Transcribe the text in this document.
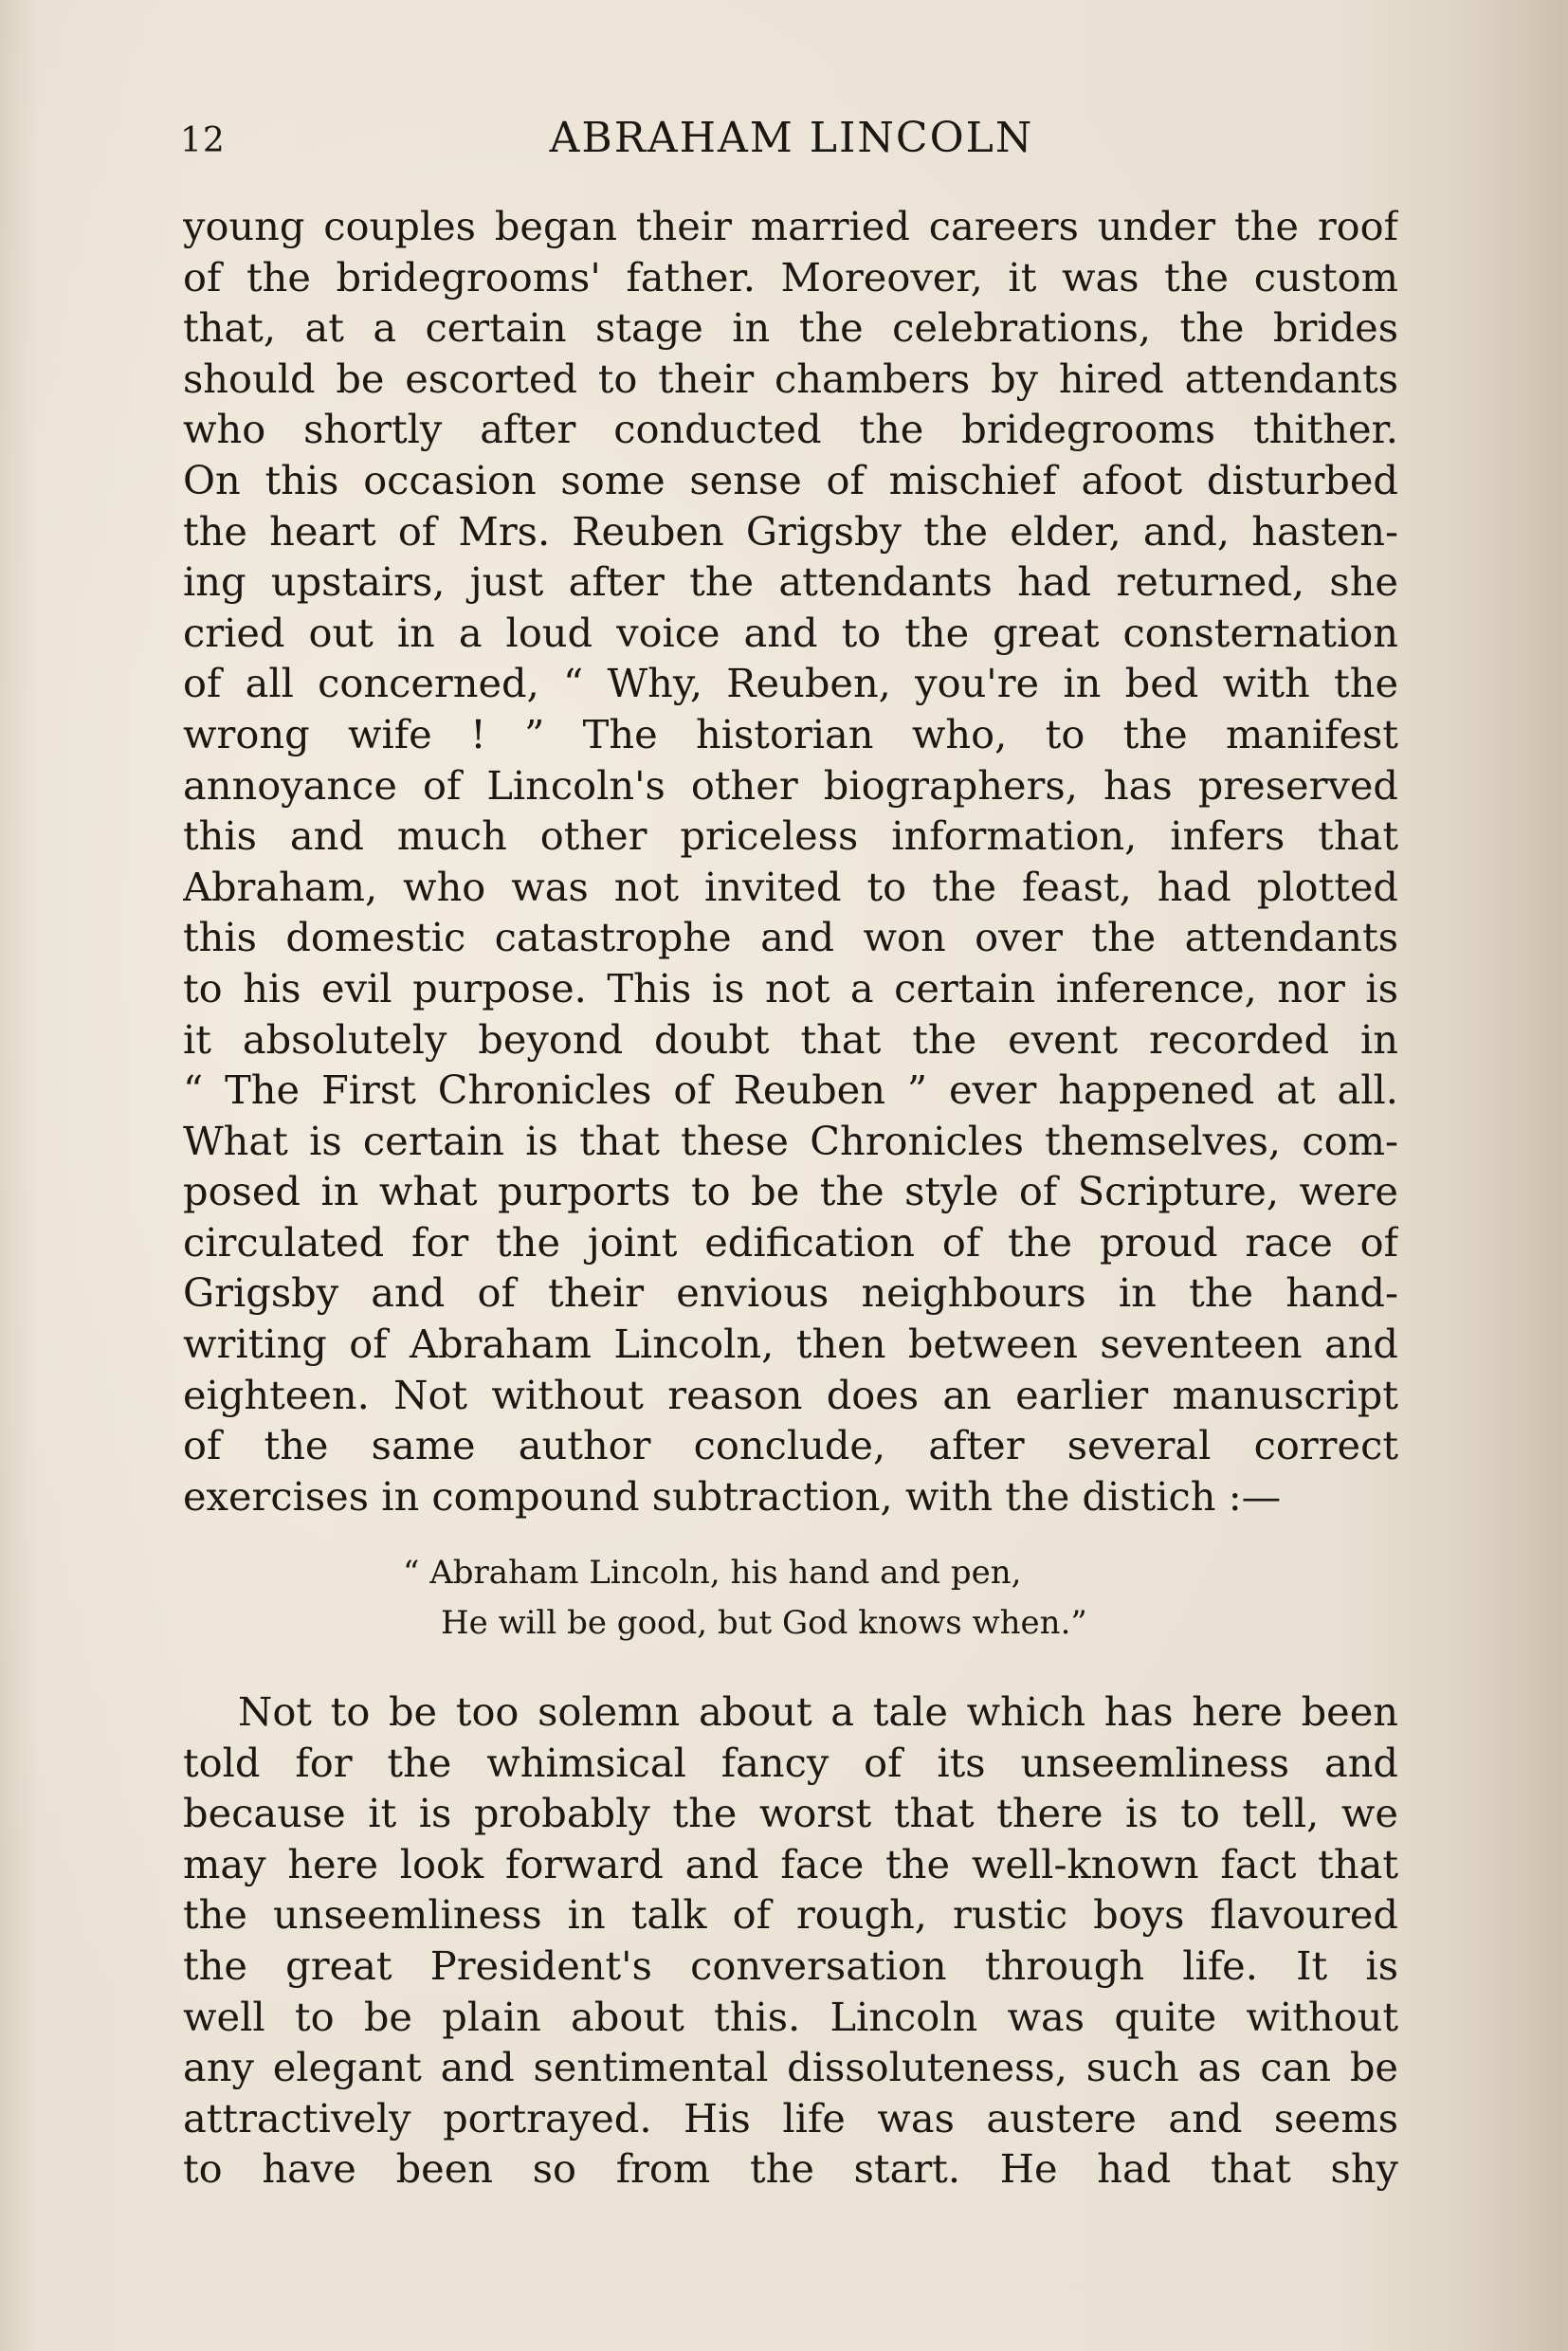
12	ABRAHAM LINCOLN
young couples began their married careers under the roof
of the bridegrooms' father. Moreover, it was the custom
that, at a certain stage in the celebrations, the brides
should be escorted to their chambers by hired attendants
who shortly after conducted the bridegrooms thither.
On this occasion some sense of mischief afoot disturbed
the heart of Mrs. Reuben Grigsby the elder, and, hasten-
ing upstairs, just after the attendants had returned, she
cried out in a loud voice and to the great consternation
of all concerned, “ Why, Reuben, you're in bed with the
wrong wife ! ” The historian who, to the manifest
annoyance of Lincoln's other biographers, has preserved
this and much other priceless information, infers that
Abraham, who was not invited to the feast, had plotted
this domestic catastrophe and won over the attendants
to his evil purpose. This is not a certain inference, nor is
it absolutely beyond doubt that the event recorded in
“ The First Chronicles of Reuben ” ever happened at all.
What is certain is that these Chronicles themselves, com-
posed in what purports to be the style of Scripture, were
circulated for the joint edification of the proud race of
Grigsby and of their envious neighbours in the hand-
writing of Abraham Lincoln, then between seventeen and
eighteen. Not without reason does an earlier manuscript
of the same author conclude, after several correct
exercises in compound subtraction, with the distich :—
“ Abraham Lincoln, his hand and pen,
He will be good, but God knows when.”
Not to be too solemn about a tale which has here been
told for the whimsical fancy of its unseemliness and
because it is probably the worst that there is to tell, we
may here look forward and face the well-known fact that
the unseemliness in talk of rough, rustic boys flavoured
the great President's conversation through life. It is
well to be plain about this. Lincoln was quite without
any elegant and sentimental dissoluteness, such as can be
attractively portrayed. His life was austere and seems
to have been so from the start. He had that shy
